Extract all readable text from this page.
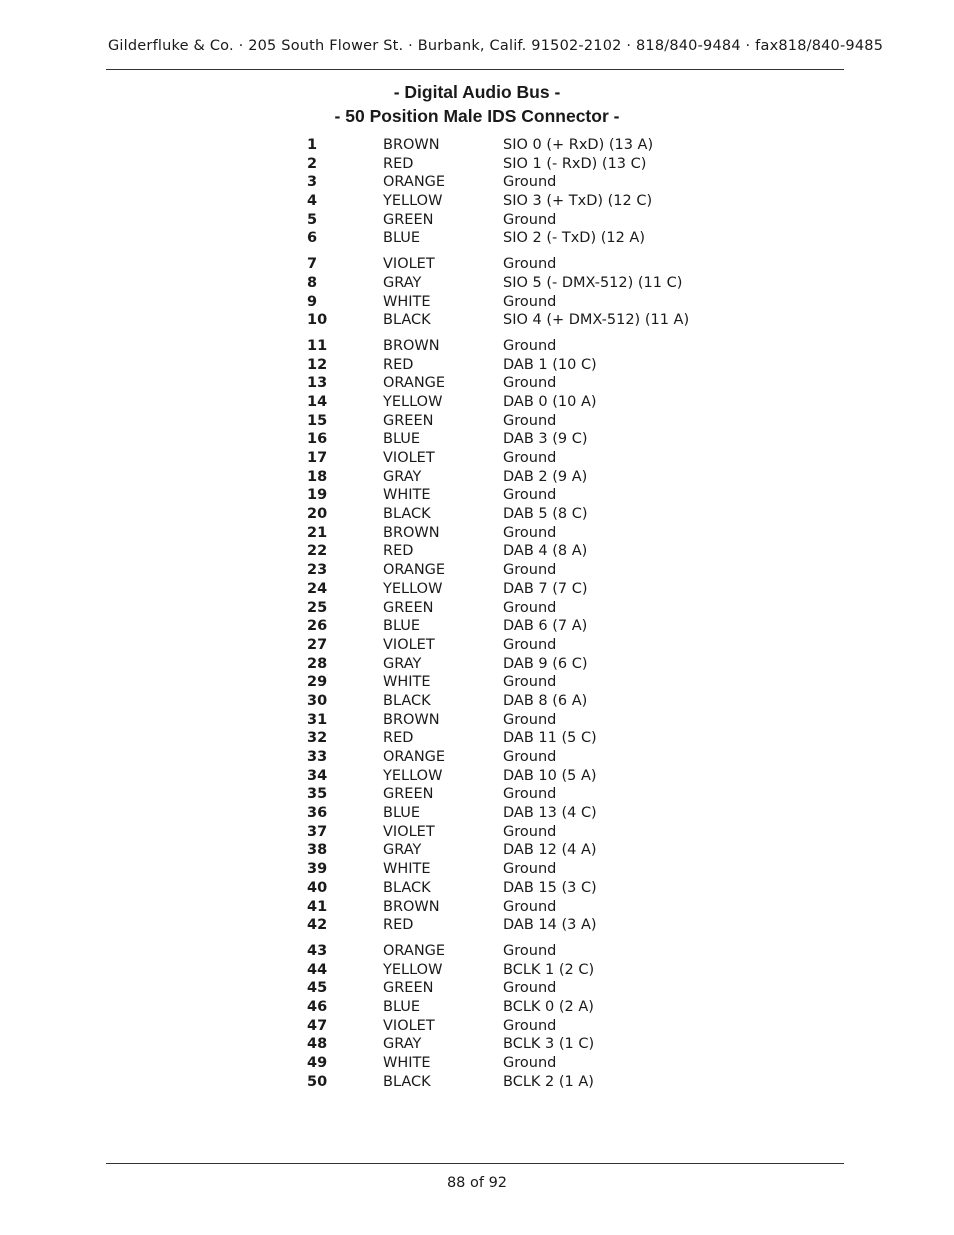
Gilderfluke & Co. · 205 South Flower St. · Burbank, Calif. 91502-2102 · 818/840-9484 · fax818/840-9485
- Digital Audio Bus -
- 50 Position Male IDS Connector -
1	BROWN	SIO 0 (+ RxD) (13 A)
2	RED	SIO 1 (- RxD) (13 C)
3	ORANGE	Ground
4	YELLOW	SIO 3 (+ TxD) (12 C)
5	GREEN	Ground
6	BLUE	SIO 2 (- TxD) (12 A)
7	VIOLET	Ground
8	GRAY	SIO 5 (- DMX-512) (11 C)
9	WHITE	Ground
10	BLACK	SIO 4 (+ DMX-512) (11 A)
11	BROWN	Ground
12	RED	DAB 1 (10 C)
13	ORANGE	Ground
14	YELLOW	DAB 0 (10 A)
15	GREEN	Ground
16	BLUE	DAB 3 (9 C)
17	VIOLET	Ground
18	GRAY	DAB 2 (9 A)
19	WHITE	Ground
20	BLACK	DAB 5 (8 C)
21	BROWN	Ground
22	RED	DAB 4 (8 A)
23	ORANGE	Ground
24	YELLOW	DAB 7 (7 C)
25	GREEN	Ground
26	BLUE	DAB 6 (7 A)
27	VIOLET	Ground
28	GRAY	DAB 9 (6 C)
29	WHITE	Ground
30	BLACK	DAB 8 (6 A)
31	BROWN	Ground
32	RED	DAB 11 (5 C)
33	ORANGE	Ground
34	YELLOW	DAB 10 (5 A)
35	GREEN	Ground
36	BLUE	DAB 13 (4 C)
37	VIOLET	Ground
38	GRAY	DAB 12 (4 A)
39	WHITE	Ground
40	BLACK	DAB 15 (3 C)
41	BROWN	Ground
42	RED	DAB 14 (3 A)
43	ORANGE	Ground
44	YELLOW	BCLK 1 (2 C)
45	GREEN	Ground
46	BLUE	BCLK 0 (2 A)
47	VIOLET	Ground
48	GRAY	BCLK 3 (1 C)
49	WHITE	Ground
50	BLACK	BCLK 2 (1 A)
88 of 92
